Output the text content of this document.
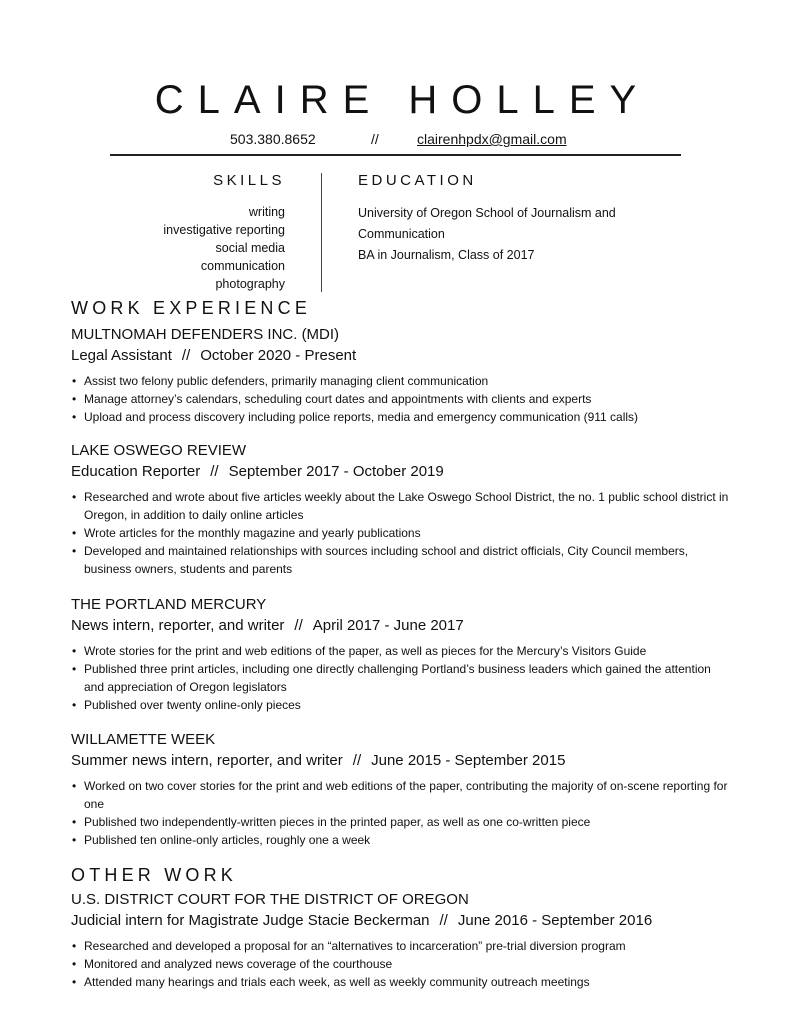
CLAIRE HOLLEY
503.380.8652	//	clairenhpdx@gmail.com
SKILLS
writing
investigative reporting
social media
communication
photography
EDUCATION
University of Oregon School of Journalism and
Communication
BA in Journalism, Class of 2017
WORK EXPERIENCE
MULTNOMAH DEFENDERS INC. (MDI)
Legal Assistant // October 2020 - Present
• Assist two felony public defenders, primarily managing client communication
• Manage attorney’s calendars, scheduling court dates and appointments with clients and experts
• Upload and process discovery including police reports, media and emergency communication (911 calls)
LAKE OSWEGO REVIEW
Education Reporter // September 2017 - October 2019
• Researched and wrote about five articles weekly about the Lake Oswego School District, the no. 1 public school district in Oregon, in addition to daily online articles
• Wrote articles for the monthly magazine and yearly publications
• Developed and maintained relationships with sources including school and district officials, City Council members, business owners, students and parents
THE PORTLAND MERCURY
News intern, reporter, and writer // April 2017 - June 2017
• Wrote stories for the print and web editions of the paper, as well as pieces for the Mercury’s Visitors Guide
• Published three print articles, including one directly challenging Portland’s business leaders which gained the attention and appreciation of Oregon legislators
• Published over twenty online-only pieces
WILLAMETTE WEEK
Summer news intern, reporter, and writer // June 2015 - September 2015
• Worked on two cover stories for the print and web editions of the paper, contributing the majority of on-scene reporting for one
• Published two independently-written pieces in the printed paper, as well as one co-written piece
• Published ten online-only articles, roughly one a week
OTHER WORK
U.S. DISTRICT COURT FOR THE DISTRICT OF OREGON
Judicial intern for Magistrate Judge Stacie Beckerman // June 2016 - September 2016
• Researched and developed a proposal for an “alternatives to incarceration” pre-trial diversion program
• Monitored and analyzed news coverage of the courthouse
• Attended many hearings and trials each week, as well as weekly community outreach meetings
